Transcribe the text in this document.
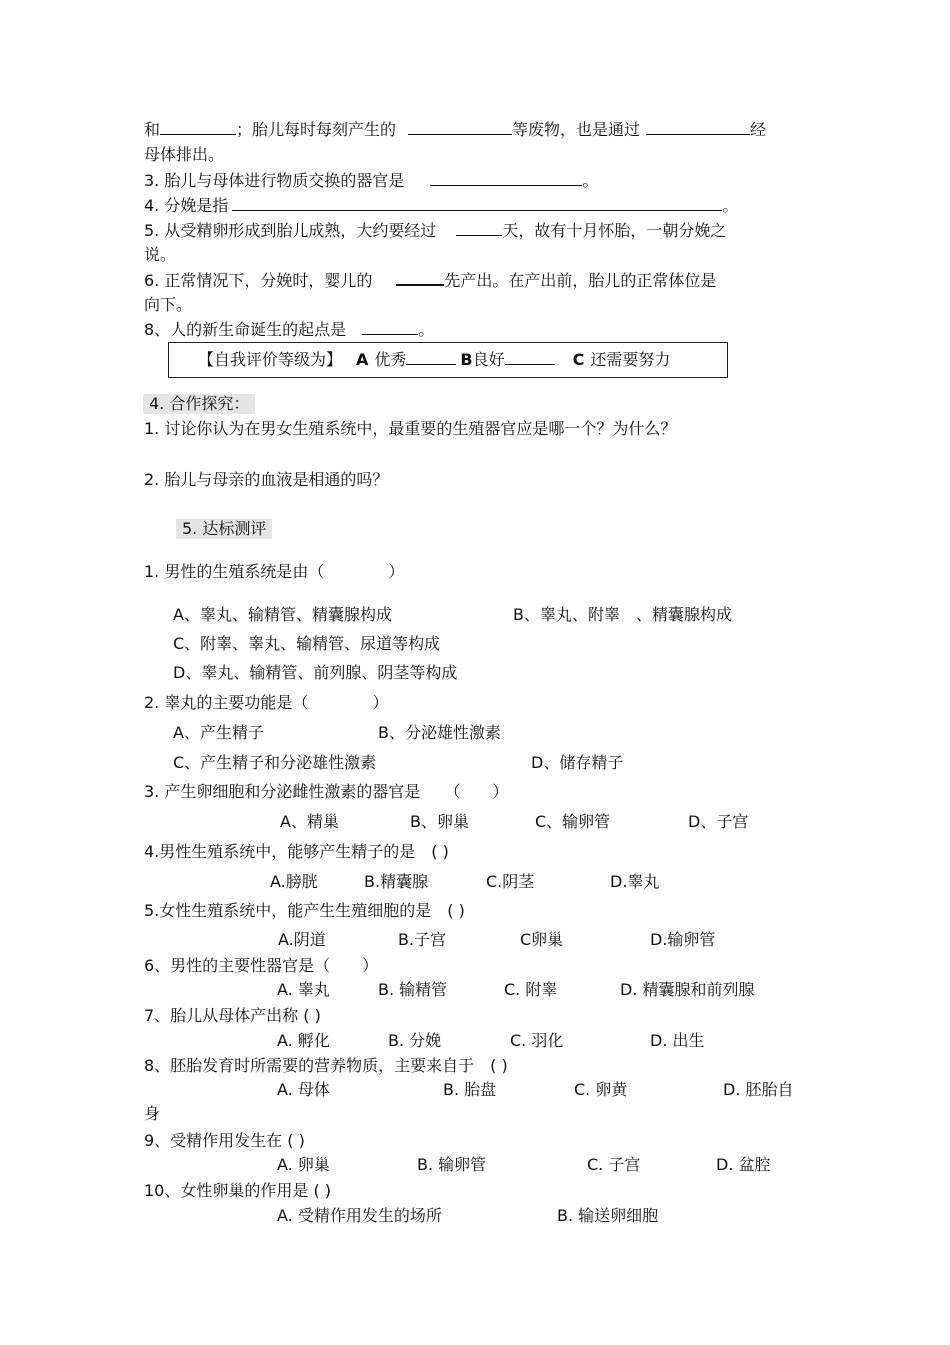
和	；胎儿每时每刻产生的	等废物，也是通过	经
母体排出。
3. 胎儿与母体进行物质交换的器官是	。
4. 分娩是指	。
5. 从受精卵形成到胎儿成熟，大约要经过	天，故有十月怀胎，一朝分娩之
说。
6. 正常情况下，分娩时，婴儿的	先产出。在产出前，胎儿的正常体位是
向下。
8、人的新生命诞生的起点是	。
【自我评价等级为】 A 优秀	B良好	C 还需要努力
4. 合作探究：
1. 讨论你认为在男女生殖系统中，最重要的生殖器官应是哪一个？为什么？
2. 胎儿与母亲的血液是相通的吗？
5. 达标测评
1. 男性的生殖系统是由（　　　　）
A、睾丸、输精管、精囊腺构成	B、睾丸、附睾　、精囊腺构成
C、附睾、睾丸、输精管、尿道等构成
D、睾丸、输精管、前列腺、阴茎等构成
2. 睾丸的主要功能是（　　　　）
A、产生精子	B、分泌雄性激素
C、产生精子和分泌雄性激素	D、储存精子
3. 产生卵细胞和分泌雌性激素的器官是　　（　　）
A、精巢	B、卵巢	C、输卵管	D、子宫
4.男性生殖系统中，能够产生精子的是　( )
A.膀胱	B.精囊腺	C.阴茎	D.睾丸
5.女性生殖系统中，能产生生殖细胞的是　( )
A.阴道	B.子宫	C卵巢	D.输卵管
6、男性的主要性器官是（　　）
A. 睾丸	B. 输精管	C. 附睾	D. 精囊腺和前列腺
7、胎儿从母体产出称 ( )
A. 孵化	B. 分娩	C. 羽化	D. 出生
8、胚胎发育时所需要的营养物质，主要来自于　( )
A. 母体	B. 胎盘	C. 卵黄	D. 胚胎自
身
9、受精作用发生在 ( )
A. 卵巢	B. 输卵管	C. 子宫	D. 盆腔
10、女性卵巢的作用是 ( )
A. 受精作用发生的场所	B. 输送卵细胞
